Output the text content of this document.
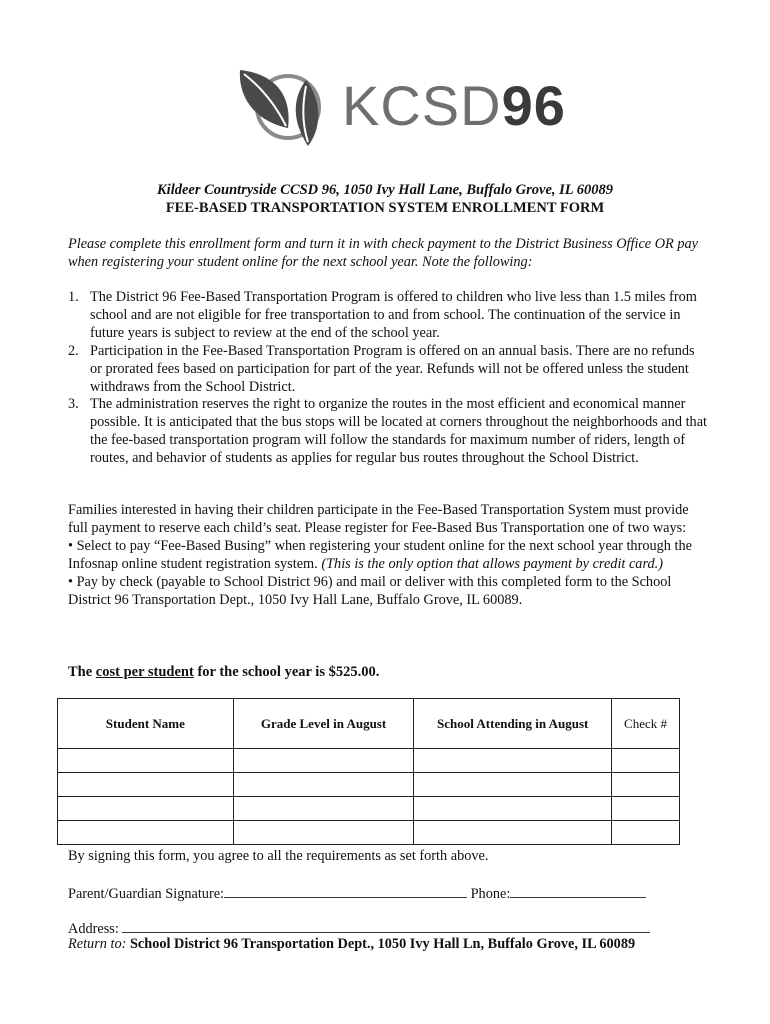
KCSD96
Kildeer Countryside CCSD 96, 1050 Ivy Hall Lane, Buffalo Grove, IL 60089
FEE-BASED TRANSPORTATION SYSTEM ENROLLMENT FORM
Please complete this enrollment form and turn it in with check payment to the District Business Office OR pay when registering your student online for the next school year. Note the following:
1. The District 96 Fee-Based Transportation Program is offered to children who live less than 1.5 miles from school and are not eligible for free transportation to and from school. The continuation of the service in future years is subject to review at the end of the school year.
2. Participation in the Fee-Based Transportation Program is offered on an annual basis. There are no refunds or prorated fees based on participation for part of the year. Refunds will not be offered unless the student withdraws from the School District.
3. The administration reserves the right to organize the routes in the most efficient and economical manner possible. It is anticipated that the bus stops will be located at corners throughout the neighborhoods and that the fee-based transportation program will follow the standards for maximum number of riders, length of routes, and behavior of students as applies for regular bus routes throughout the School District.

Families interested in having their children participate in the Fee-Based Transportation System must provide full payment to reserve each child’s seat. Please register for Fee-Based Bus Transportation one of two ways:

• Select to pay “Fee-Based Busing” when registering your student online for the next school year through the Infosnap online student registration system. (This is the only option that allows payment by credit card.)

• Pay by check (payable to School District 96) and mail or deliver with this completed form to the School District 96 Transportation Dept., 1050 Ivy Hall Lane, Buffalo Grove, IL 60089.

The cost per student for the school year is $525.00.
Student Name	Grade Level in August	School Attending in August	Check #

By signing this form, you agree to all the requirements as set forth above.
Parent/Guardian Signature:	Phone:
Address:
Return to: School District 96 Transportation Dept., 1050 Ivy Hall Ln, Buffalo Grove, IL 60089
